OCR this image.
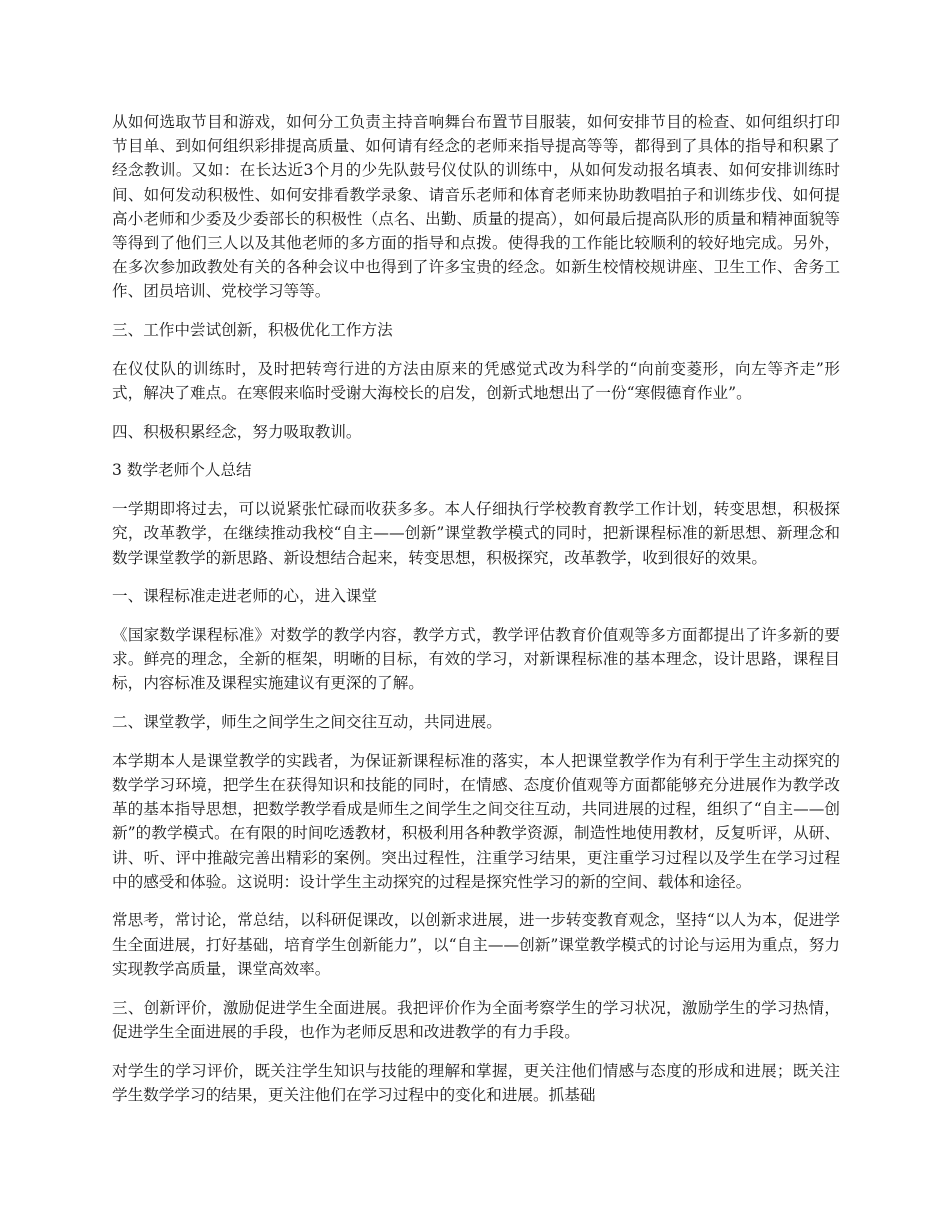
从如何选取节目和游戏，如何分工负责主持音响舞台布置节目服装，如何安排节目的检查、如何组织打印节目单、到如何组织彩排提高质量、如何请有经念的老师来指导提高等等，都得到了具体的指导和积累了经念教训。又如：在长达近3个月的少先队鼓号仪仗队的训练中，从如何发动报名填表、如何安排训练时间、如何发动积极性、如何安排看教学录象、请音乐老师和体育老师来协助教唱拍子和训练步伐、如何提高小老师和少委及少委部长的积极性（点名、出勤、质量的提高），如何最后提高队形的质量和精神面貌等等得到了他们三人以及其他老师的多方面的指导和点拨。使得我的工作能比较顺利的较好地完成。另外，在多次参加政教处有关的各种会议中也得到了许多宝贵的经念。如新生校情校规讲座、卫生工作、舍务工作、团员培训、党校学习等等。

三、工作中尝试创新，积极优化工作方法

在仪仗队的训练时，及时把转弯行进的方法由原来的凭感觉式改为科学的“向前变菱形，向左等齐走”形式，解决了难点。在寒假来临时受谢大海校长的启发，创新式地想出了一份“寒假德育作业”。

四、积极积累经念，努力吸取教训。

3 数学老师个人总结

一学期即将过去，可以说紧张忙碌而收获多多。本人仔细执行学校教育教学工作计划，转变思想，积极探究，改革教学，在继续推动我校“自主——创新”课堂教学模式的同时，把新课程标准的新思想、新理念和数学课堂教学的新思路、新设想结合起来，转变思想，积极探究，改革教学，收到很好的效果。

一、课程标准走进老师的心，进入课堂

《国家数学课程标准》对数学的教学内容，教学方式，教学评估教育价值观等多方面都提出了许多新的要求。鲜亮的理念，全新的框架，明晰的目标，有效的学习，对新课程标准的基本理念，设计思路，课程目标，内容标准及课程实施建议有更深的了解。

二、课堂教学，师生之间学生之间交往互动，共同进展。

本学期本人是课堂教学的实践者，为保证新课程标准的落实，本人把课堂教学作为有利于学生主动探究的数学学习环境，把学生在获得知识和技能的同时，在情感、态度价值观等方面都能够充分进展作为教学改革的基本指导思想，把数学教学看成是师生之间学生之间交往互动，共同进展的过程，组织了“自主——创新”的教学模式。在有限的时间吃透教材，积极利用各种教学资源，制造性地使用教材，反复听评，从研、讲、听、评中推敲完善出精彩的案例。突出过程性，注重学习结果，更注重学习过程以及学生在学习过程中的感受和体验。这说明：设计学生主动探究的过程是探究性学习的新的空间、载体和途径。

常思考，常讨论，常总结，以科研促课改，以创新求进展，进一步转变教育观念，坚持“以人为本，促进学生全面进展，打好基础，培育学生创新能力”，以“自主——创新”课堂教学模式的讨论与运用为重点，努力实现教学高质量，课堂高效率。

三、创新评价，激励促进学生全面进展。我把评价作为全面考察学生的学习状况，激励学生的学习热情，促进学生全面进展的手段，也作为老师反思和改进教学的有力手段。

对学生的学习评价，既关注学生知识与技能的理解和掌握，更关注他们情感与态度的形成和进展；既关注学生数学学习的结果，更关注他们在学习过程中的变化和进展。抓基础
